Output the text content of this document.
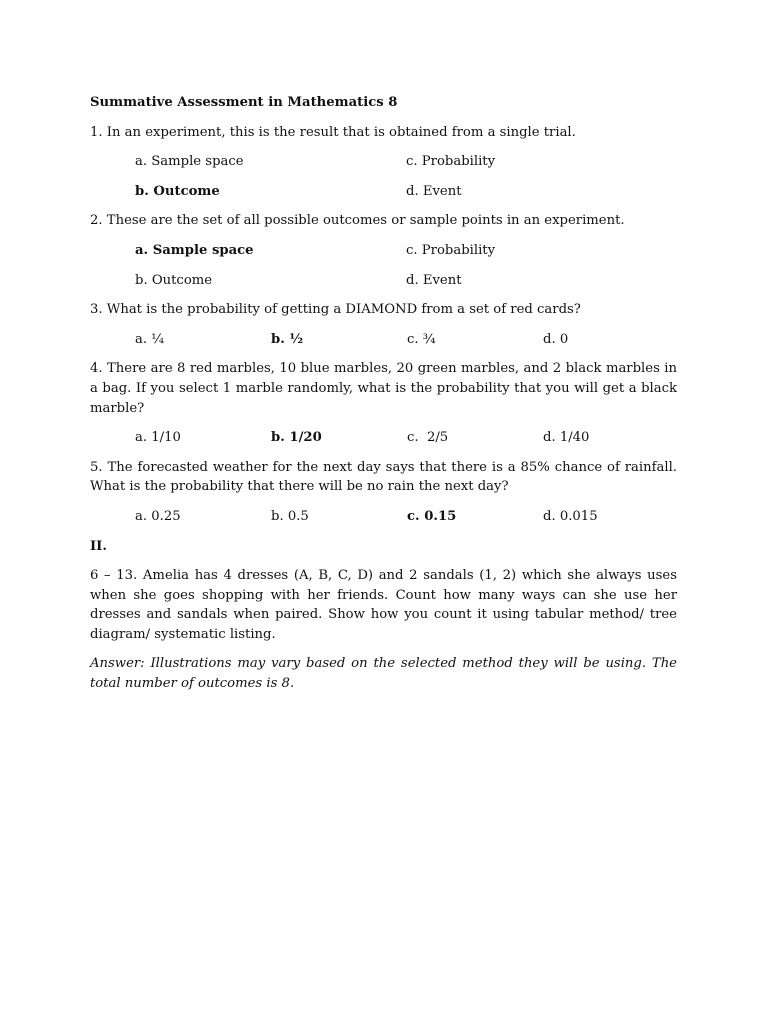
Summative Assessment in Mathematics 8
1. In an experiment, this is the result that is obtained from a single trial.
a. Sample space	c. Probability
b. Outcome	d. Event
2. These are the set of all possible outcomes or sample points in an experiment.
a. Sample space	c. Probability
b. Outcome	d. Event
3. What is the probability of getting a DIAMOND from a set of red cards?
a. ¼	b. ½	c. ¾	d. 0
4. There are 8 red marbles, 10 blue marbles, 20 green marbles, and 2 black marbles in a bag. If you select 1 marble randomly, what is the probability that you will get a black marble?
a. 1/10	b. 1/20	c.  2/5	d. 1/40
5. The forecasted weather for the next day says that there is a 85% chance of rainfall. What is the probability that there will be no rain the next day?
a. 0.25	b. 0.5	c. 0.15	d. 0.015
II.
6 – 13. Amelia has 4 dresses (A, B, C, D) and 2 sandals (1, 2) which she always uses when she goes shopping with her friends. Count how many ways can she use her dresses and sandals when paired. Show how you count it using tabular method/ tree diagram/ systematic listing.
Answer: Illustrations may vary based on the selected method they will be using. The total number of outcomes is 8.
